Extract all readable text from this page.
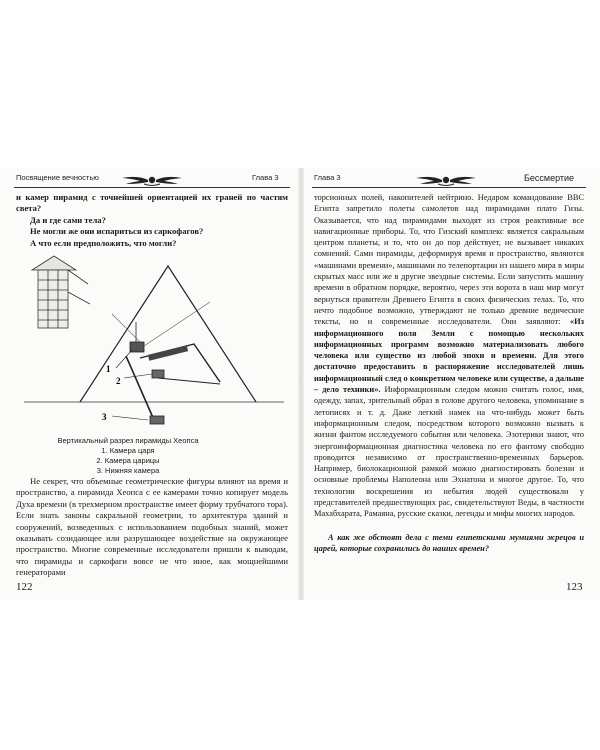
Посвящение вечностью	Глава 3

и камер пирамид с точнейшей ориентацией их граней по частям света?

Да и где сами тела?

Не могли же они испариться из саркофагов?

А что если предположить, что могли?

1
2
3
Вертикальный разрез пирамиды Хеопса
1. Камера царя
2. Камера царицы
3. Нижняя камера

Не секрет, что объемные геометрические фигуры влияют на время и пространство, а пирамида Хеопса с ее камерами точно копирует модель Духа времени (в трехмерном пространстве имеет форму трубчатого тора). Если знать законы сакральной геометрии, то архитектура зданий и сооружений, возведенных с использованием подобных знаний, может оказывать созидающее или разрушающее воздействие на окружающее пространство. Многие современные исследователи пришли к выводам, что пирамиды и саркофаги вовсе не что иное, как мощнейшими генераторами

122
Глава 3	Бессмертие

торсионных полей, накопителей нейтрино. Недаром командование ВВС Египта запретило полеты самолетов над пирамидами плато Гизы. Оказывается, что над пирамидами выходят из строя реактивные все навигационные приборы. То, что Гизский комплекс является сакральным центром планеты, и то, что он до пор действует, не вызывает никаких сомнений. Сами пирамиды, деформируя время и пространство, являются «машинами времени», машинами по телепортации из нашего мира в миры скрытых масс или же в другие звездные системы. Если запустить машину времени в обратном порядке, вероятно, через эти ворота в наш мир могут вернуться правители Древнего Египта в своих физических телах. То, что нечто подобное возможно, утверждают не только древние ведические тексты, но и современные исследователи. Они заявляют: «Из информационного поля Земли с помощью нескольких информационных программ возможно материализовать любого человека или существо из любой эпохи и времени. Для этого достаточно предоставить в распоряжение исследователей лишь информационный след о конкретном человеке или существе, а дальше – дело техники». Информационным следом можно считать голос, имя, одежду, запах, зрительный образ в голове другого человека, упоминание в летописях и т. д. Даже легкий намек на что-нибудь может быть информационным следом, посредством которого возможно вызвать к жизни фантом исследуемого события или человека. Эзотерики знают, что энергоинформационная диагностика человека по его фантому свободно проводится независимо от пространственно-временных барьеров. Например, биолокационной рамкой можно диагностировать болезни и основные проблемы Наполеона или Эхнатона и многое другое. То, что технологии воскрешения из небытия людей существовали у представителей предшествующих рас, свидетельствуют Веды, в частности Махабхарата, Рамаяна, русские сказки, легенды и мифы многих народов.

А как же обстоят дела с теми египетскими мумиями жрецов и царей, которые сохранились до наших времен?

123
